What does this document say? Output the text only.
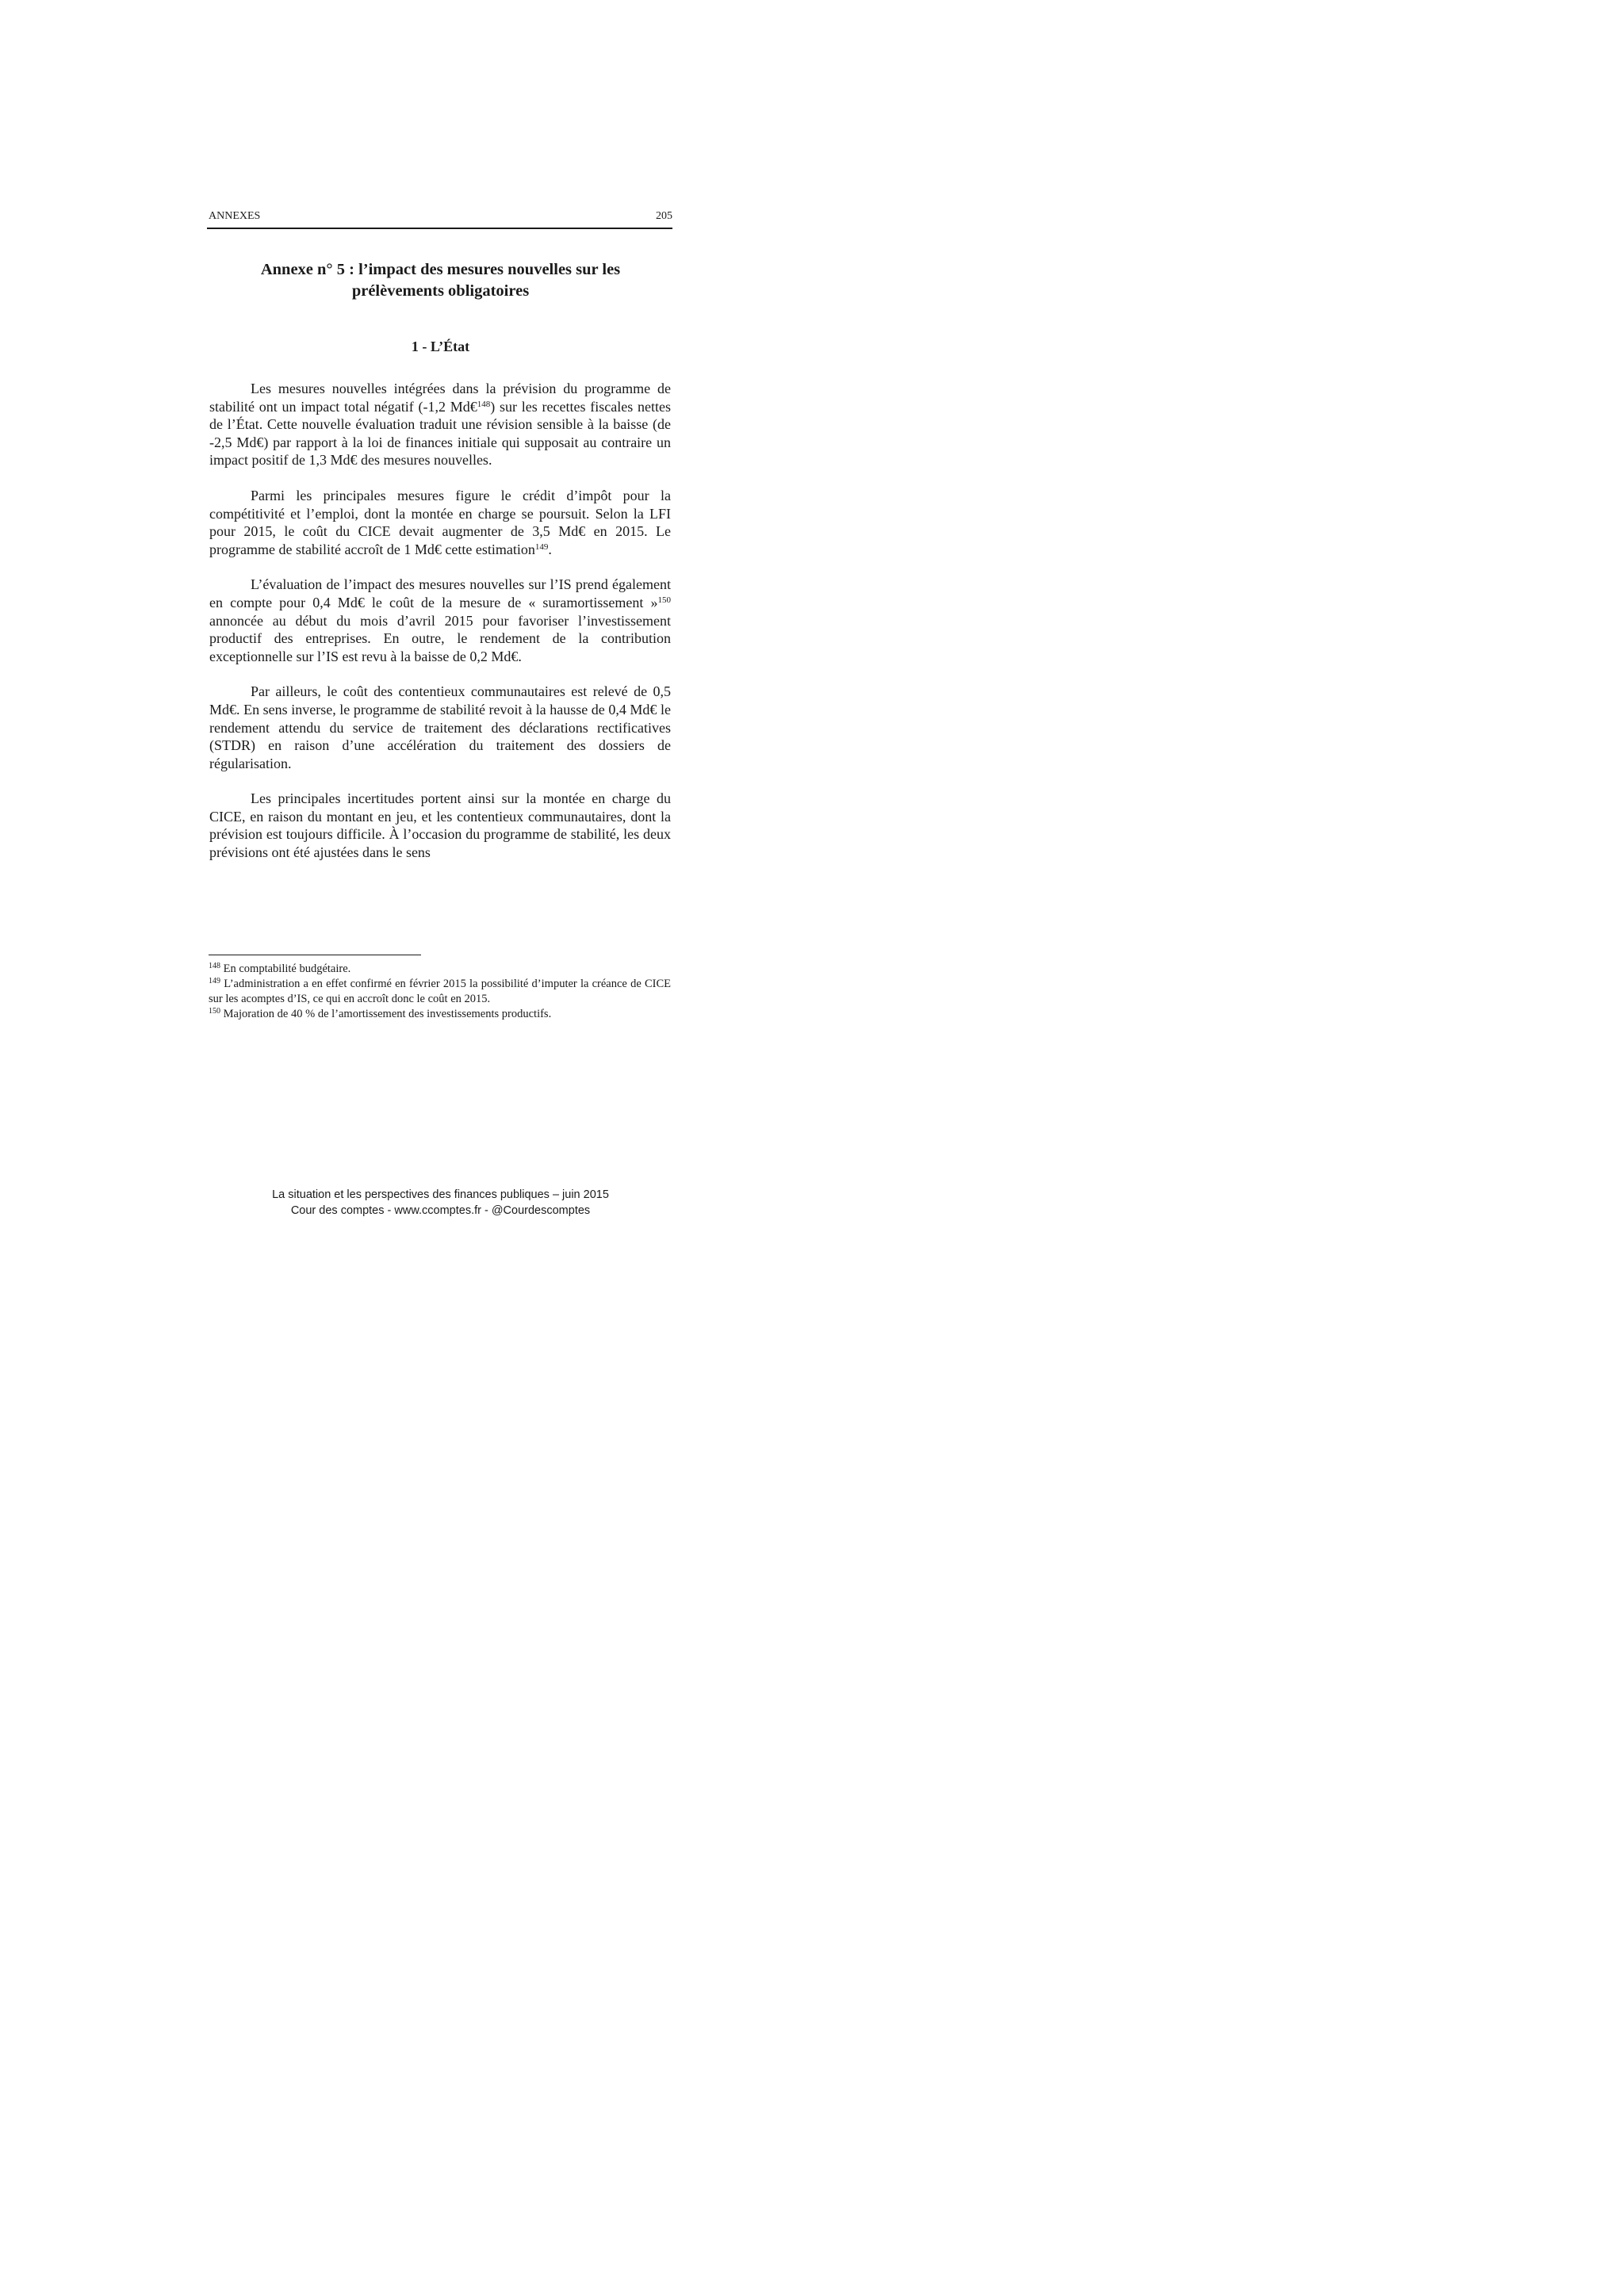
ANNEXES	205
Annexe n° 5 : l’impact des mesures nouvelles sur les
prélèvements obligatoires
1 - L’État

Les mesures nouvelles intégrées dans la prévision du programme de stabilité ont un impact total négatif (-1,2 Md€$^{148}$) sur les recettes fiscales nettes de l’État. Cette nouvelle évaluation traduit une révision sensible à la baisse (de -2,5 Md€) par rapport à la loi de finances initiale qui supposait au contraire un impact positif de 1,3 Md€ des mesures nouvelles.

Parmi les principales mesures figure le crédit d’impôt pour la compétitivité et l’emploi, dont la montée en charge se poursuit. Selon la LFI pour 2015, le coût du CICE devait augmenter de 3,5 Md€ en 2015. Le programme de stabilité accroît de 1 Md€ cette estimation$^{149}$.

L’évaluation de l’impact des mesures nouvelles sur l’IS prend également en compte pour 0,4 Md€ le coût de la mesure de « suramortissement »$^{150}$ annoncée au début du mois d’avril 2015 pour favoriser l’investissement productif des entreprises. En outre, le rendement de la contribution exceptionnelle sur l’IS est revu à la baisse de 0,2 Md€.

Par ailleurs, le coût des contentieux communautaires est relevé de 0,5 Md€. En sens inverse, le programme de stabilité revoit à la hausse de 0,4 Md€ le rendement attendu du service de traitement des déclarations rectificatives (STDR) en raison d’une accélération du traitement des dossiers de régularisation.

Les principales incertitudes portent ainsi sur la montée en charge du CICE, en raison du montant en jeu, et les contentieux communautaires, dont la prévision est toujours difficile. À l’occasion du programme de stabilité, les deux prévisions ont été ajustées dans le sens

$^{148}$ En comptabilité budgétaire.

$^{149}$ L’administration a en effet confirmé en février 2015 la possibilité d’imputer la créance de CICE sur les acomptes d’IS, ce qui en accroît donc le coût en 2015.

$^{150}$ Majoration de 40 % de l’amortissement des investissements productifs.

La situation et les perspectives des finances publiques – juin 2015
Cour des comptes - www.ccomptes.fr - @Courdescomptes
